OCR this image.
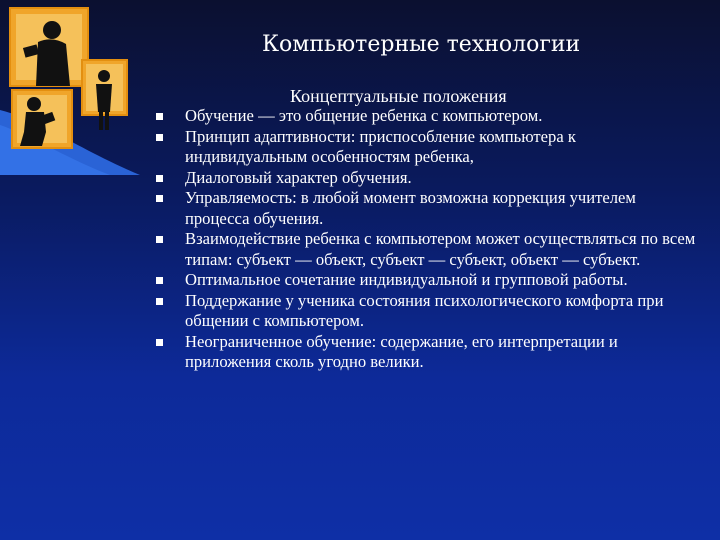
Компьютерные технологии
Концептуальные положения
Обучение — это общение ребенка с компьютером.
Принцип адаптивности: приспособление компьютера к индивидуальным особенностям ребенка,
Диалоговый характер обучения.
Управляемость: в любой момент возможна коррекция учителем процесса обучения.
Взаимодействие ребенка с компьютером может осуществляться по всем типам: субъект — объект, субъект — субъект, объект — субъект.
Оптимальное сочетание индивидуальной и групповой работы.
Поддержание у ученика состояния психологического комфорта при общении с компьютером.
Неограниченное обучение: содержание, его интерпретации и приложения сколь угодно велики.
